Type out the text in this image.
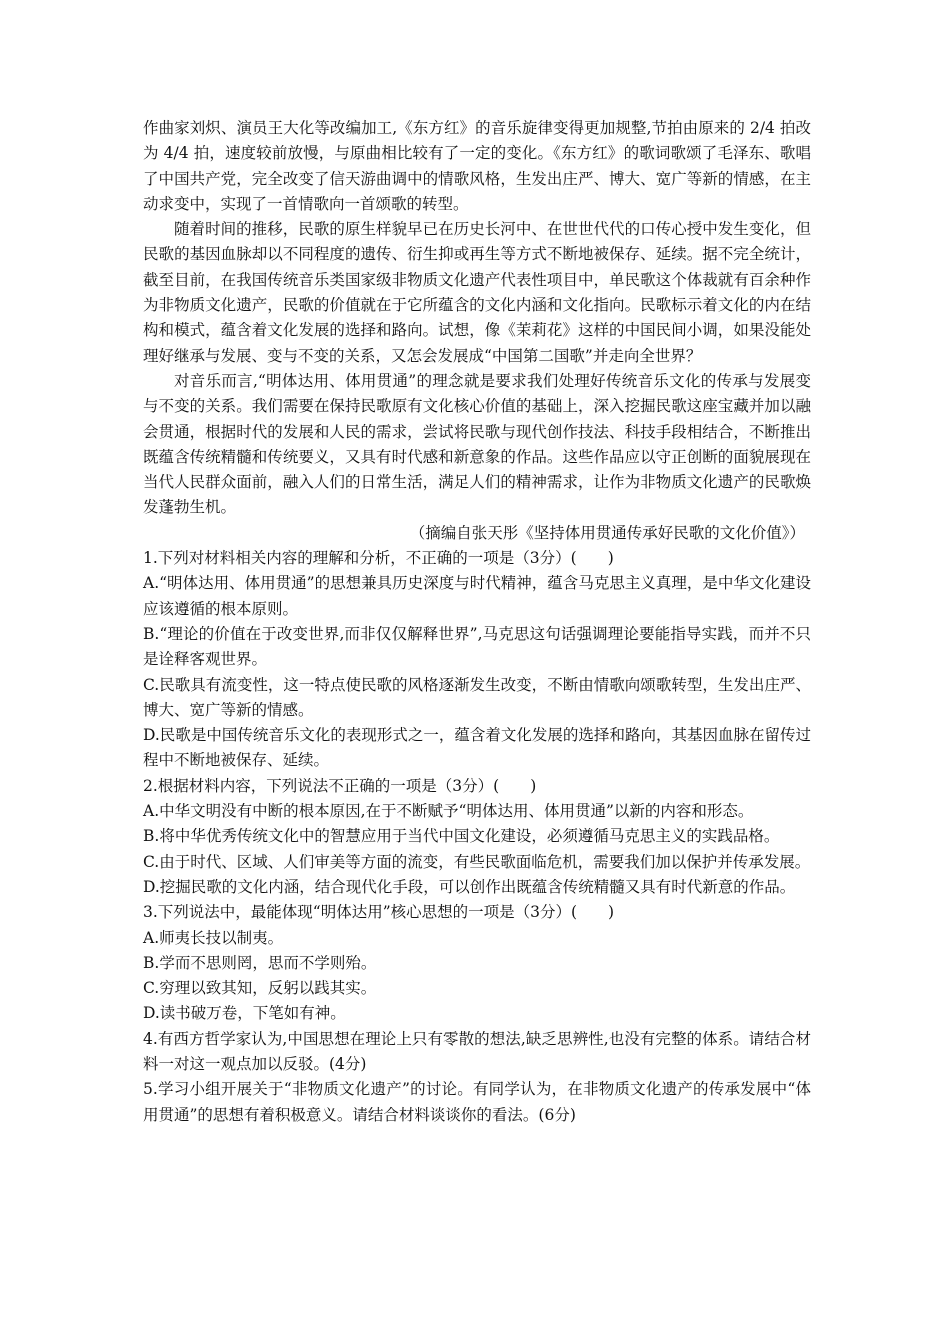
作曲家刘炽、演员王大化等改编加工,《东方红》的音乐旋律变得更加规整,节拍由原来的 2/4 拍改为 4/4 拍，速度较前放慢，与原曲相比较有了一定的变化。《东方红》的歌词歌颂了毛泽东、歌唱了中国共产党，完全改变了信天游曲调中的情歌风格，生发出庄严、博大、宽广等新的情感，在主动求变中，实现了一首情歌向一首颂歌的转型。

随着时间的推移，民歌的原生样貌早已在历史长河中、在世世代代的口传心授中发生变化，但民歌的基因血脉却以不同程度的遗传、衍生抑或再生等方式不断地被保存、延续。据不完全统计，截至目前，在我国传统音乐类国家级非物质文化遗产代表性项目中，单民歌这个体裁就有百余种作为非物质文化遗产，民歌的价值就在于它所蕴含的文化内涵和文化指向。民歌标示着文化的内在结构和模式，蕴含着文化发展的选择和路向。试想，像《茉莉花》这样的中国民间小调，如果没能处理好继承与发展、变与不变的关系，又怎会发展成“中国第二国歌”并走向全世界？

对音乐而言,“明体达用、体用贯通”的理念就是要求我们处理好传统音乐文化的传承与发展变与不变的关系。我们需要在保持民歌原有文化核心价值的基础上，深入挖掘民歌这座宝藏并加以融会贯通，根据时代的发展和人民的需求，尝试将民歌与现代创作技法、科技手段相结合，不断推出既蕴含传统精髓和传统要义，又具有时代感和新意象的作品。这些作品应以守正创断的面貌展现在当代人民群众面前，融入人们的日常生活，满足人们的精神需求，让作为非物质文化遗产的民歌焕发蓬勃生机。

（摘编自张天彤《坚持体用贯通传承好民歌的文化价值》）

1.下列对材料相关内容的理解和分析，不正确的一项是（3分）(　　)

A.“明体达用、体用贯通”的思想兼具历史深度与时代精神，蕴含马克思主义真理，是中华文化建设应该遵循的根本原则。

B.“理论的价值在于改变世界,而非仅仅解释世界”,马克思这句话强调理论要能指导实践，而并不只是诠释客观世界。

C.民歌具有流变性，这一特点使民歌的风格逐渐发生改变，不断由情歌向颂歌转型，生发出庄严、博大、宽广等新的情感。

D.民歌是中国传统音乐文化的表现形式之一，蕴含着文化发展的选择和路向，其基因血脉在留传过程中不断地被保存、延续。

2.根据材料内容，下列说法不正确的一项是（3分）(　　)

A.中华文明没有中断的根本原因,在于不断赋予“明体达用、体用贯通”以新的内容和形态。

B.将中华优秀传统文化中的智慧应用于当代中国文化建设，必须遵循马克思主义的实践品格。

C.由于时代、区域、人们审美等方面的流变，有些民歌面临危机，需要我们加以保护并传承发展。

D.挖掘民歌的文化内涵，结合现代化手段，可以创作出既蕴含传统精髓又具有时代新意的作品。

3.下列说法中，最能体现“明体达用”核心思想的一项是（3分）(　　)

A.师夷长技以制夷。

B.学而不思则罔，思而不学则殆。

C.穷理以致其知，反躬以践其实。

D.读书破万卷，下笔如有神。

4.有西方哲学家认为,中国思想在理论上只有零散的想法,缺乏思辨性,也没有完整的体系。请结合材料一对这一观点加以反驳。(4分)

5.学习小组开展关于“非物质文化遗产”的讨论。有同学认为，在非物质文化遗产的传承发展中“体用贯通”的思想有着积极意义。请结合材料谈谈你的看法。(6分)
